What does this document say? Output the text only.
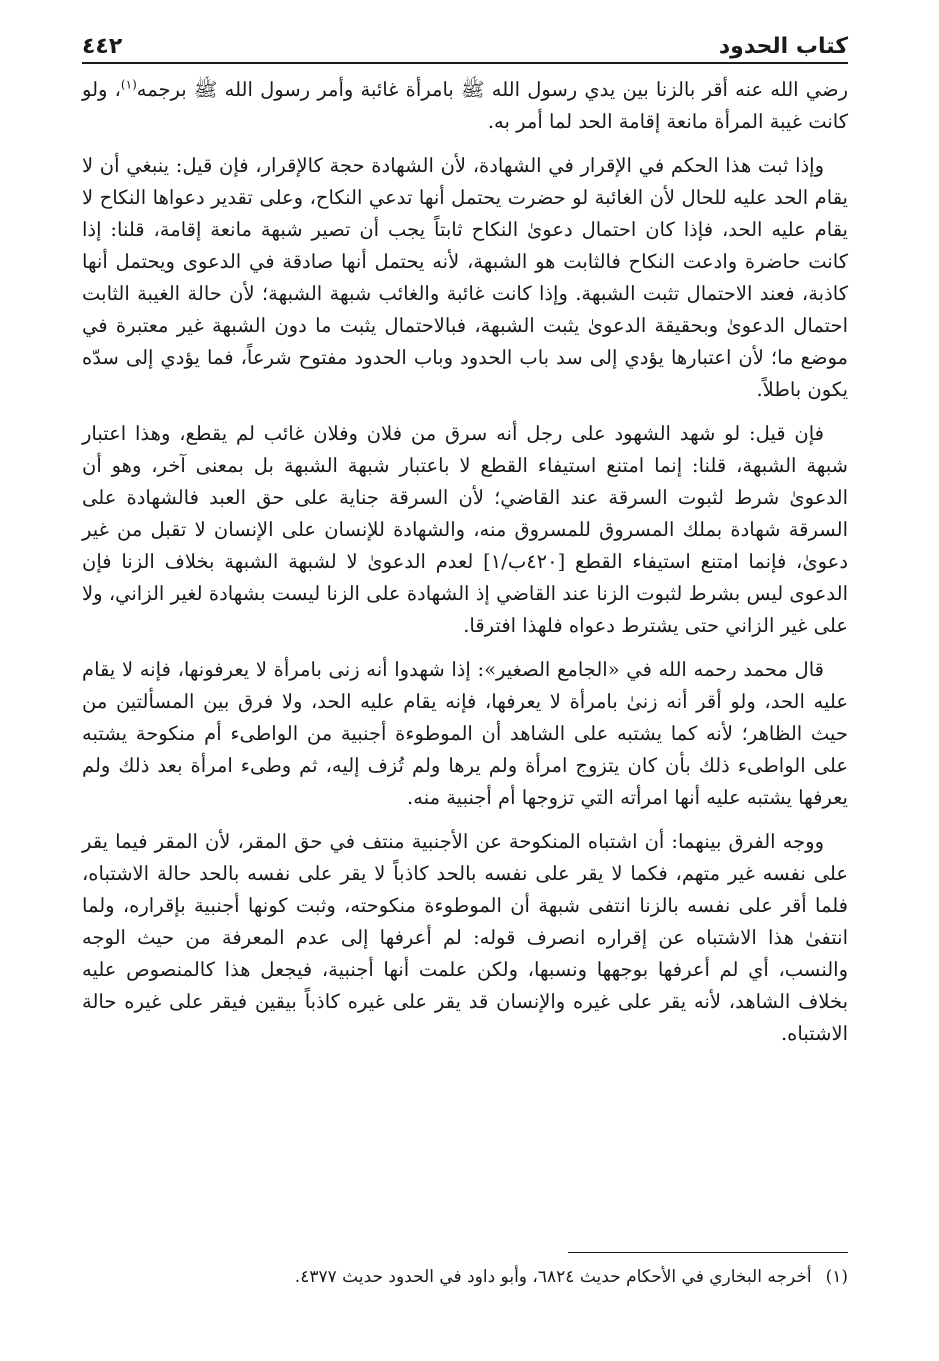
كتاب الحدود
٤٤٢

رضي الله عنه أقر بالزنا بين يدي رسول الله ﷺ بامرأة غائبة وأمر رسول الله ﷺ برجمه$^{(١)}$، ولو كانت غيبة المرأة مانعة إقامة الحد لما أمر به.

وإذا ثبت هذا الحكم في الإقرار في الشهادة، لأن الشهادة حجة كالإقرار، فإن قيل: ينبغي أن لا يقام الحد عليه للحال لأن الغائبة لو حضرت يحتمل أنها تدعي النكاح، وعلى تقدير دعواها النكاح لا يقام عليه الحد، فإذا كان احتمال دعوىٰ النكاح ثابتاً يجب أن تصير شبهة مانعة إقامة، قلنا: إذا كانت حاضرة وادعت النكاح فالثابت هو الشبهة، لأنه يحتمل أنها صادقة في الدعوى ويحتمل أنها كاذبة، فعند الاحتمال تثبت الشبهة. وإذا كانت غائبة والغائب شبهة الشبهة؛ لأن حالة الغيبة الثابت احتمال الدعوىٰ وبحقيقة الدعوىٰ يثبت الشبهة، فبالاحتمال يثبت ما دون الشبهة غير معتبرة في موضع ما؛ لأن اعتبارها يؤدي إلى سد باب الحدود وباب الحدود مفتوح شرعاً، فما يؤدي إلى سدّه يكون باطلاً.

فإن قيل: لو شهد الشهود على رجل أنه سرق من فلان وفلان غائب لم يقطع، وهذا اعتبار شبهة الشبهة، قلنا: إنما امتنع استيفاء القطع لا باعتبار شبهة الشبهة بل بمعنى آخر، وهو أن الدعوىٰ شرط لثبوت السرقة عند القاضي؛ لأن السرقة جناية على حق العبد فالشهادة على السرقة شهادة بملك المسروق للمسروق منه، والشهادة للإنسان على الإنسان لا تقبل من غير دعوىٰ، فإنما امتنع استيفاء القطع [٤٢٠ب/١] لعدم الدعوىٰ لا لشبهة الشبهة بخلاف الزنا فإن الدعوى ليس بشرط لثبوت الزنا عند القاضي إذ الشهادة على الزنا ليست بشهادة لغير الزاني، ولا على غير الزاني حتى يشترط دعواه فلهذا افترقا.

قال محمد رحمه الله في «الجامع الصغير»: إذا شهدوا أنه زنى بامرأة لا يعرفونها، فإنه لا يقام عليه الحد، ولو أقر أنه زنىٰ بامرأة لا يعرفها، فإنه يقام عليه الحد، ولا فرق بين المسألتين من حيث الظاهر؛ لأنه كما يشتبه على الشاهد أن الموطوءة أجنبية من الواطىء أم منكوحة يشتبه على الواطىء ذلك بأن كان يتزوج امرأة ولم يرها ولم تُزف إليه، ثم وطىء امرأة بعد ذلك ولم يعرفها يشتبه عليه أنها امرأته التي تزوجها أم أجنبية منه.

ووجه الفرق بينهما: أن اشتباه المنكوحة عن الأجنبية منتف في حق المقر، لأن المقر فيما يقر على نفسه غير متهم، فكما لا يقر على نفسه بالحد كاذباً لا يقر على نفسه بالحد حالة الاشتباه، فلما أقر على نفسه بالزنا انتفى شبهة أن الموطوءة منكوحته، وثبت كونها أجنبية بإقراره، ولما انتفىٰ هذا الاشتباه عن إقراره انصرف قوله: لم أعرفها إلى عدم المعرفة من حيث الوجه والنسب، أي لم أعرفها بوجهها ونسبها، ولكن علمت أنها أجنبية، فيجعل هذا كالمنصوص عليه بخلاف الشاهد، لأنه يقر على غيره والإنسان قد يقر على غيره كاذباً بيقين فيقر على غيره حالة الاشتباه.

(١)أخرجه البخاري في الأحكام حديث ٦٨٢٤، وأبو داود في الحدود حديث ٤٣٧٧.
